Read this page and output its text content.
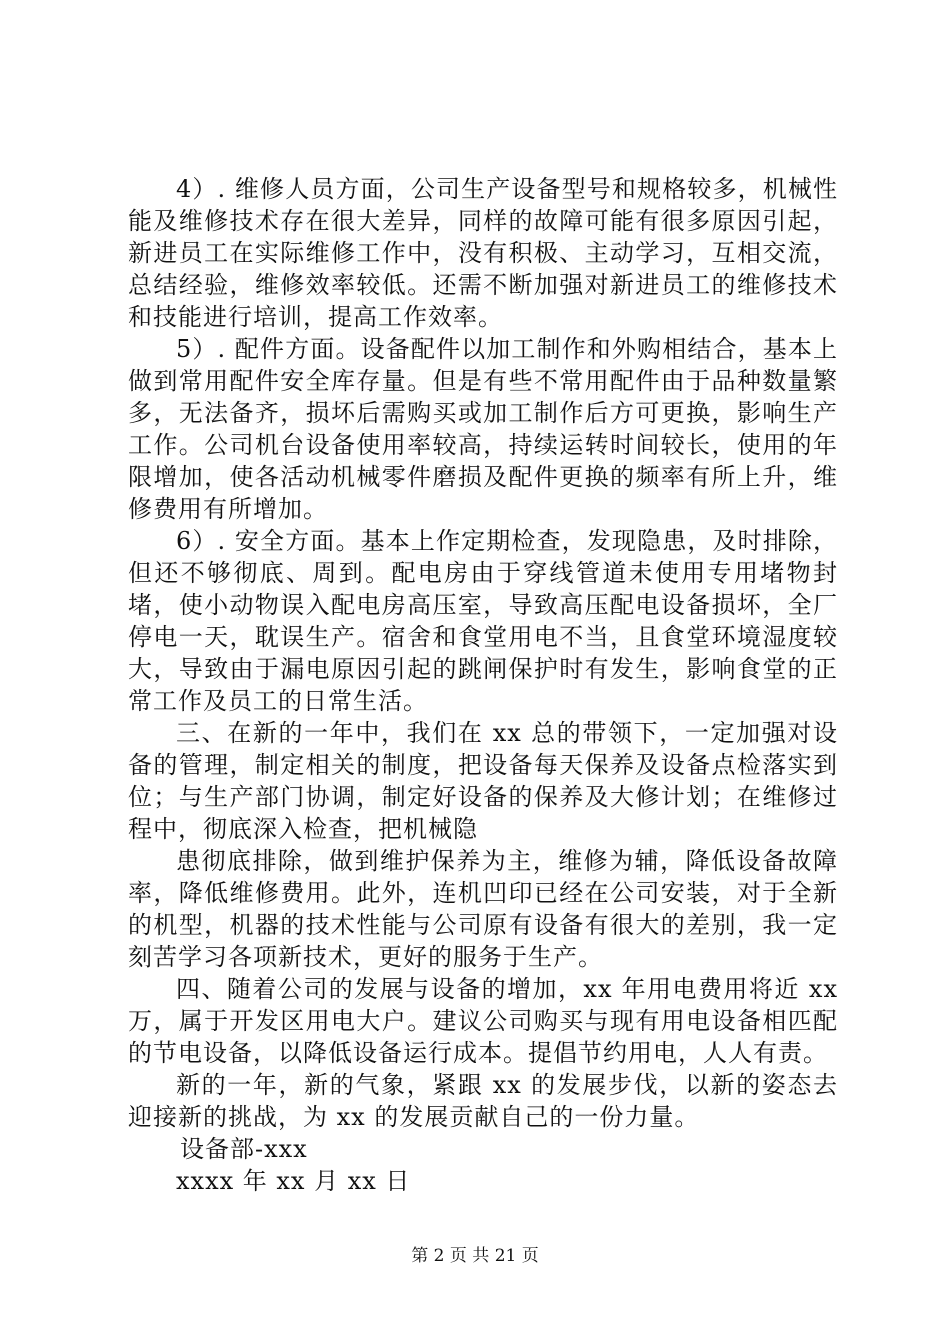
4）. 维修人员方面，公司生产设备型号和规格较多，机械性能及维修技术存在很大差异，同样的故障可能有很多原因引起，新进员工在实际维修工作中，没有积极、主动学习，互相交流，总结经验，维修效率较低。还需不断加强对新进员工的维修技术和技能进行培训，提高工作效率。

5）. 配件方面。设备配件以加工制作和外购相结合，基本上做到常用配件安全库存量。但是有些不常用配件由于品种数量繁多，无法备齐，损坏后需购买或加工制作后方可更换，影响生产工作。公司机台设备使用率较高，持续运转时间较长，使用的年限增加，使各活动机械零件磨损及配件更换的频率有所上升，维修费用有所增加。

6）. 安全方面。基本上作定期检查，发现隐患，及时排除，但还不够彻底、周到。配电房由于穿线管道未使用专用堵物封堵，使小动物误入配电房高压室，导致高压配电设备损坏，全厂停电一天，耽误生产。宿舍和食堂用电不当，且食堂环境湿度较大，导致由于漏电原因引起的跳闸保护时有发生，影响食堂的正常工作及员工的日常生活。

三、在新的一年中，我们在 xx 总的带领下，一定加强对设备的管理，制定相关的制度，把设备每天保养及设备点检落实到位；与生产部门协调，制定好设备的保养及大修计划；在维修过程中，彻底深入检查，把机械隐

患彻底排除，做到维护保养为主，维修为辅，降低设备故障率，降低维修费用。此外，连机凹印已经在公司安装，对于全新的机型，机器的技术性能与公司原有设备有很大的差别，我一定刻苦学习各项新技术，更好的服务于生产。

四、随着公司的发展与设备的增加，xx 年用电费用将近 xx 万，属于开发区用电大户。建议公司购买与现有用电设备相匹配的节电设备，以降低设备运行成本。提倡节约用电，人人有责。

新的一年，新的气象，紧跟 xx 的发展步伐，以新的姿态去迎接新的挑战，为 xx 的发展贡献自己的一份力量。

设备部-xxx

xxxx 年 xx 月 xx 日

第 2 页 共 21 页
